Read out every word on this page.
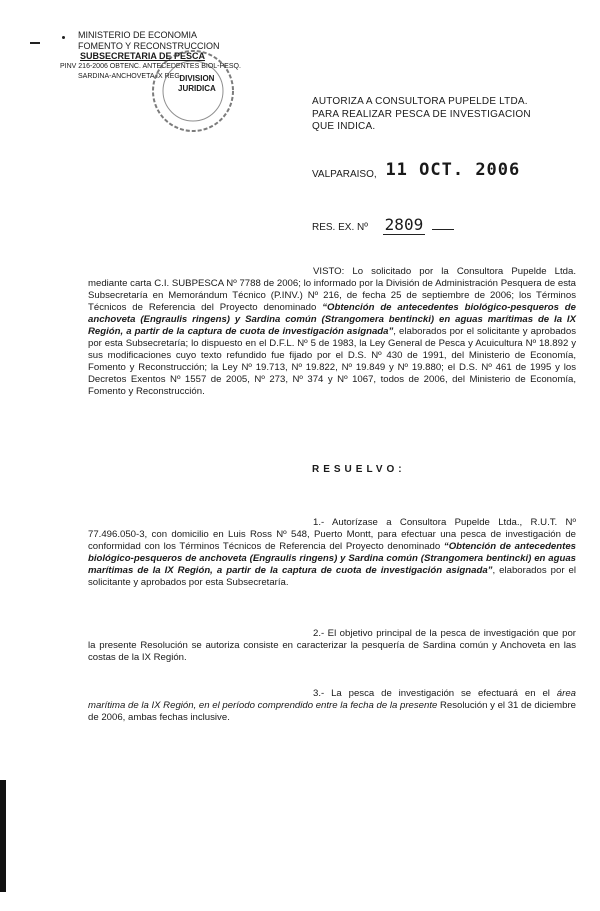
MINISTERIO DE ECONOMIA
FOMENTO Y RECONSTRUCCION
SUBSECRETARIA DE PESCA
PINV 216-2006 OBTENC. ANTECEDENTES BIOL-PESQ.
SARDINA-ANCHOVETA IX REG.
DIVISION
JURIDICA
AUTORIZA A CONSULTORA PUPELDE LTDA.
PARA REALIZAR PESCA DE INVESTIGACION
QUE INDICA.
VALPARAISO, 11 OCT. 2006
RES. EX. Nº 2809

VISTO: Lo solicitado por la Consultora Pupelde Ltda. mediante carta C.I. SUBPESCA Nº 7788 de 2006; lo informado por la División de Administración Pesquera de esta Subsecretaría en Memorándum Técnico (P.INV.) Nº 216, de fecha 25 de septiembre de 2006; los Términos Técnicos de Referencia del Proyecto denominado “Obtención de antecedentes biológico-pesqueros de anchoveta (Engraulis ringens) y Sardina común (Strangomera bentincki) en aguas marítimas de la IX Región, a partir de la captura de cuota de investigación asignada”, elaborados por el solicitante y aprobados por esta Subsecretaría; lo dispuesto en el D.F.L. Nº 5 de 1983, la Ley General de Pesca y Acuicultura Nº 18.892 y sus modificaciones cuyo texto refundido fue fijado por el D.S. Nº 430 de 1991, del Ministerio de Economía, Fomento y Reconstrucción; la Ley Nº 19.713, Nº 19.822, Nº 19.849 y Nº 19.880; el D.S. Nº 461 de 1995 y los Decretos Exentos Nº 1557 de 2005, Nº 273, Nº 374 y Nº 1067, todos de 2006, del Ministerio de Economía, Fomento y Reconstrucción.

RESUELVO:

1.- Autorízase a Consultora Pupelde Ltda., R.U.T. Nº 77.496.050-3, con domicilio en Luis Ross Nº 548, Puerto Montt, para efectuar una pesca de investigación de conformidad con los Términos Técnicos de Referencia del Proyecto denominado “Obtención de antecedentes biológico-pesqueros de anchoveta (Engraulis ringens) y Sardina común (Strangomera bentincki) en aguas marítimas de la IX Región, a partir de la captura de cuota de investigación asignada”, elaborados por el solicitante y aprobados por esta Subsecretaría.

2.- El objetivo principal de la pesca de investigación que por la presente Resolución se autoriza consiste en caracterizar la pesquería de Sardina común y Anchoveta en las costas de la IX Región.

3.- La pesca de investigación se efectuará en el área marítima de la IX Región, en el período comprendido entre la fecha de la presente Resolución y el 31 de diciembre de 2006, ambas fechas inclusive.
